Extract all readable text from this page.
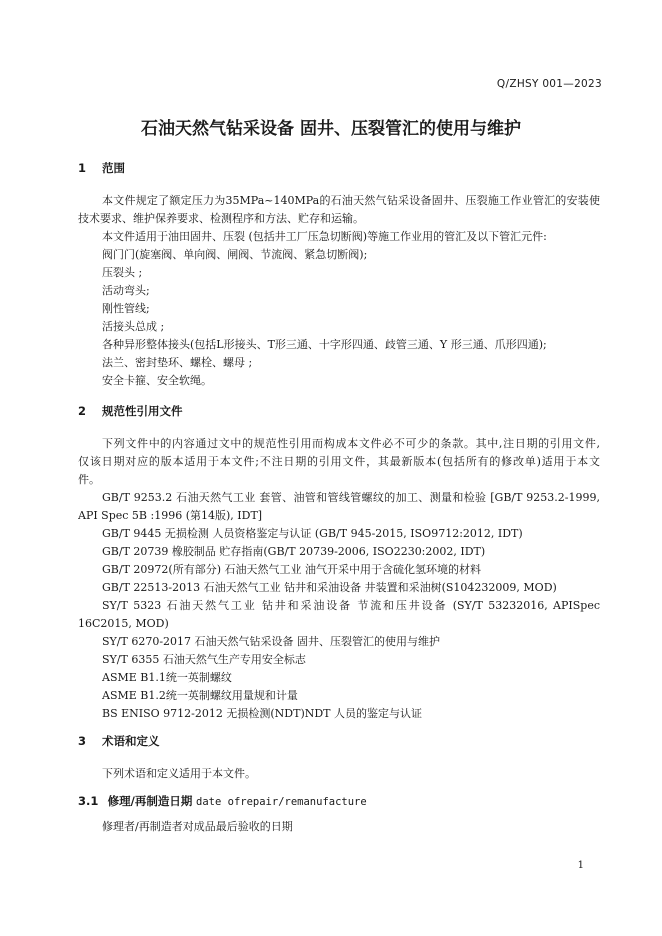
Q/ZHSY 001—2023
石油天然气钻采设备 固井、压裂管汇的使用与维护
1 范围
本文件规定了额定压力为35MPa~140MPa的石油天然气钻采设备固井、压裂施工作业管汇的安装使
技术要求、维护保养要求、检测程序和方法、贮存和运输。
本文件适用于油田固井、压裂 (包括井工厂压急切断阀)等施工作业用的管汇及以下管汇元件:
阀门门(旋塞阀、单向阀、闸阀、节流阀、紧急切断阀);
压裂头 ;
活动弯头;
刚性管线;
活接头总成 ;
各种异形整体接头(包括L形接头、T形三通、十字形四通、歧管三通、Y 形三通、爪形四通);
法兰、密封垫环、螺栓、螺母 ;
安全卡箍、安全软绳。
2 规范性引用文件
下列文件中的内容通过文中的规范性引用而构成本文件必不可少的条款。其中,注日期的引用文件,
仅该日期对应的版本适用于本文件;不注日期的引用文件，其最新版本(包括所有的修改单)适用于本文
件。
GB/T 9253.2 石油天然气工业 套管、油管和管线管螺纹的加工、测量和检验 [GB/T 9253.2-1999,
API Spec 5B :1996 (第14版), IDT]
GB/T 9445 无损检测 人员资格鉴定与认证 (GB/T 945-2015, ISO9712:2012, IDT)
GB/T 20739 橡胶制品 贮存指南(GB/T 20739-2006, ISO2230:2002, IDT)
GB/T 20972(所有部分) 石油天然气工业 油气开采中用于含硫化氢环境的材料
GB/T 22513-2013 石油天然气工业 钻井和采油设备 井装置和采油树(S104232009, MOD)
SY/T 5323 石油天然气工业 钻井和采油设备 节流和压井设备 (SY/T 53232016, APISpec
16C2015, MOD)
SY/T 6270-2017 石油天然气钻采设备 固井、压裂管汇的使用与维护
SY/T 6355 石油天然气生产专用安全标志
ASME B1.1统一英制螺纹
ASME B1.2统一英制螺纹用量规和计量
BS ENISO 9712-2012 无损检测(NDT)NDT 人员的鉴定与认证
3 术语和定义
下列术语和定义适用于本文件。
3.1 修理/再制造日期 date ofrepair/remanufacture
修理者/再制造者对成品最后验收的日期
1
